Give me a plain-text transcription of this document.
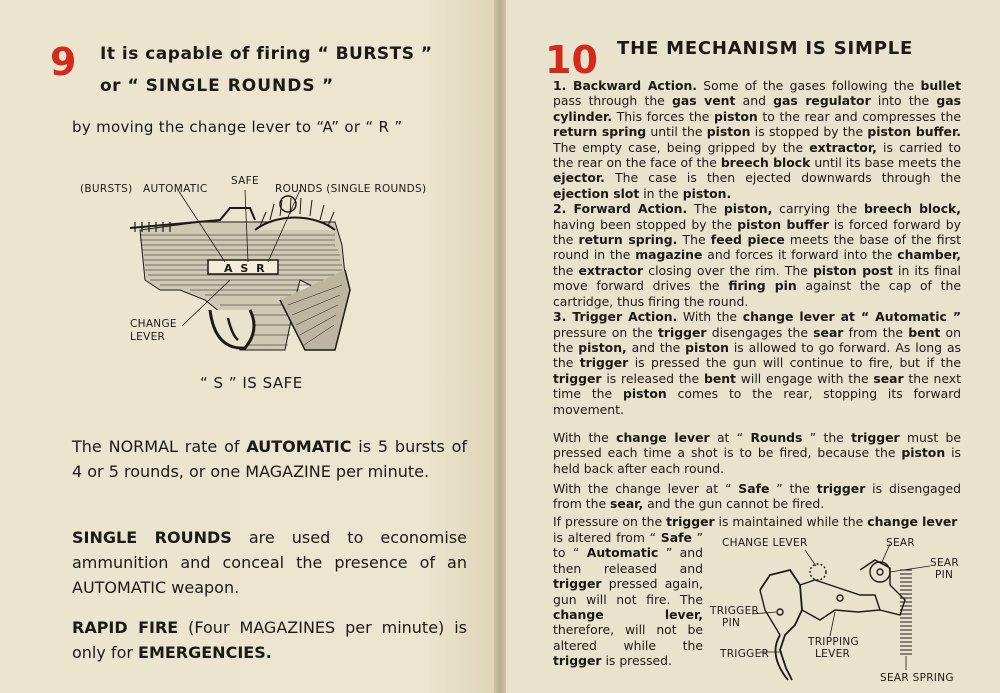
9 It is capable of firing “ BURSTS ”
or “ SINGLE ROUNDS ”
by moving the change lever to “A” or “ R ”
(BURSTS) AUTOMATIC
SAFE
ROUNDS (SINGLE ROUNDS)
CHANGE
LEVER
A S R
“ S ” IS SAFE

The NORMAL rate of AUTOMATIC is 5 bursts of 4 or 5 rounds, or one MAGAZINE per minute.

SINGLE ROUNDS are used to economise ammunition and conceal the presence of an AUTOMATIC weapon.

RAPID FIRE (Four MAGAZINES per minute) is only for EMERGENCIES.

10 THE MECHANISM IS SIMPLE

1. Backward Action. Some of the gases following the bullet pass through the gas vent and gas regulator into the gas cylinder. This forces the piston to the rear and compresses the return spring until the piston is stopped by the piston buffer. The empty case, being gripped by the extractor, is carried to the rear on the face of the breech block until its base meets the ejector. The case is then ejected downwards through the ejection slot in the piston.
2. Forward Action. The piston, carrying the breech block, having been stopped by the piston buffer is forced forward by the return spring. The feed piece meets the base of the first round in the magazine and forces it forward into the chamber, the extractor closing over the rim. The piston post in its final move forward drives the firing pin against the cap of the cartridge, thus firing the round.
3. Trigger Action. With the change lever at “ Automatic ” pressure on the trigger disengages the sear from the bent on the piston, and the piston is allowed to go forward. As long as the trigger is pressed the gun will continue to fire, but if the trigger is released the bent will engage with the sear the next time the piston comes to the rear, stopping its forward movement.

With the change lever at “ Rounds ” the trigger must be pressed each time a shot is to be fired, because the piston is held back after each round.

With the change lever at “ Safe ” the trigger is disengaged from the sear, and the gun cannot be fired.

If pressure on the trigger is maintained while the change lever

is altered from “ Safe ” to “ Automatic ” and then released and trigger pressed again, gun will not fire. The change lever, therefore, will not be altered while the trigger is pressed.

CHANGE LEVER	SEAR
SEAR
PIN
TRIGGER
PIN
TRIPPING
LEVER
TRIGGER
SEAR SPRING
